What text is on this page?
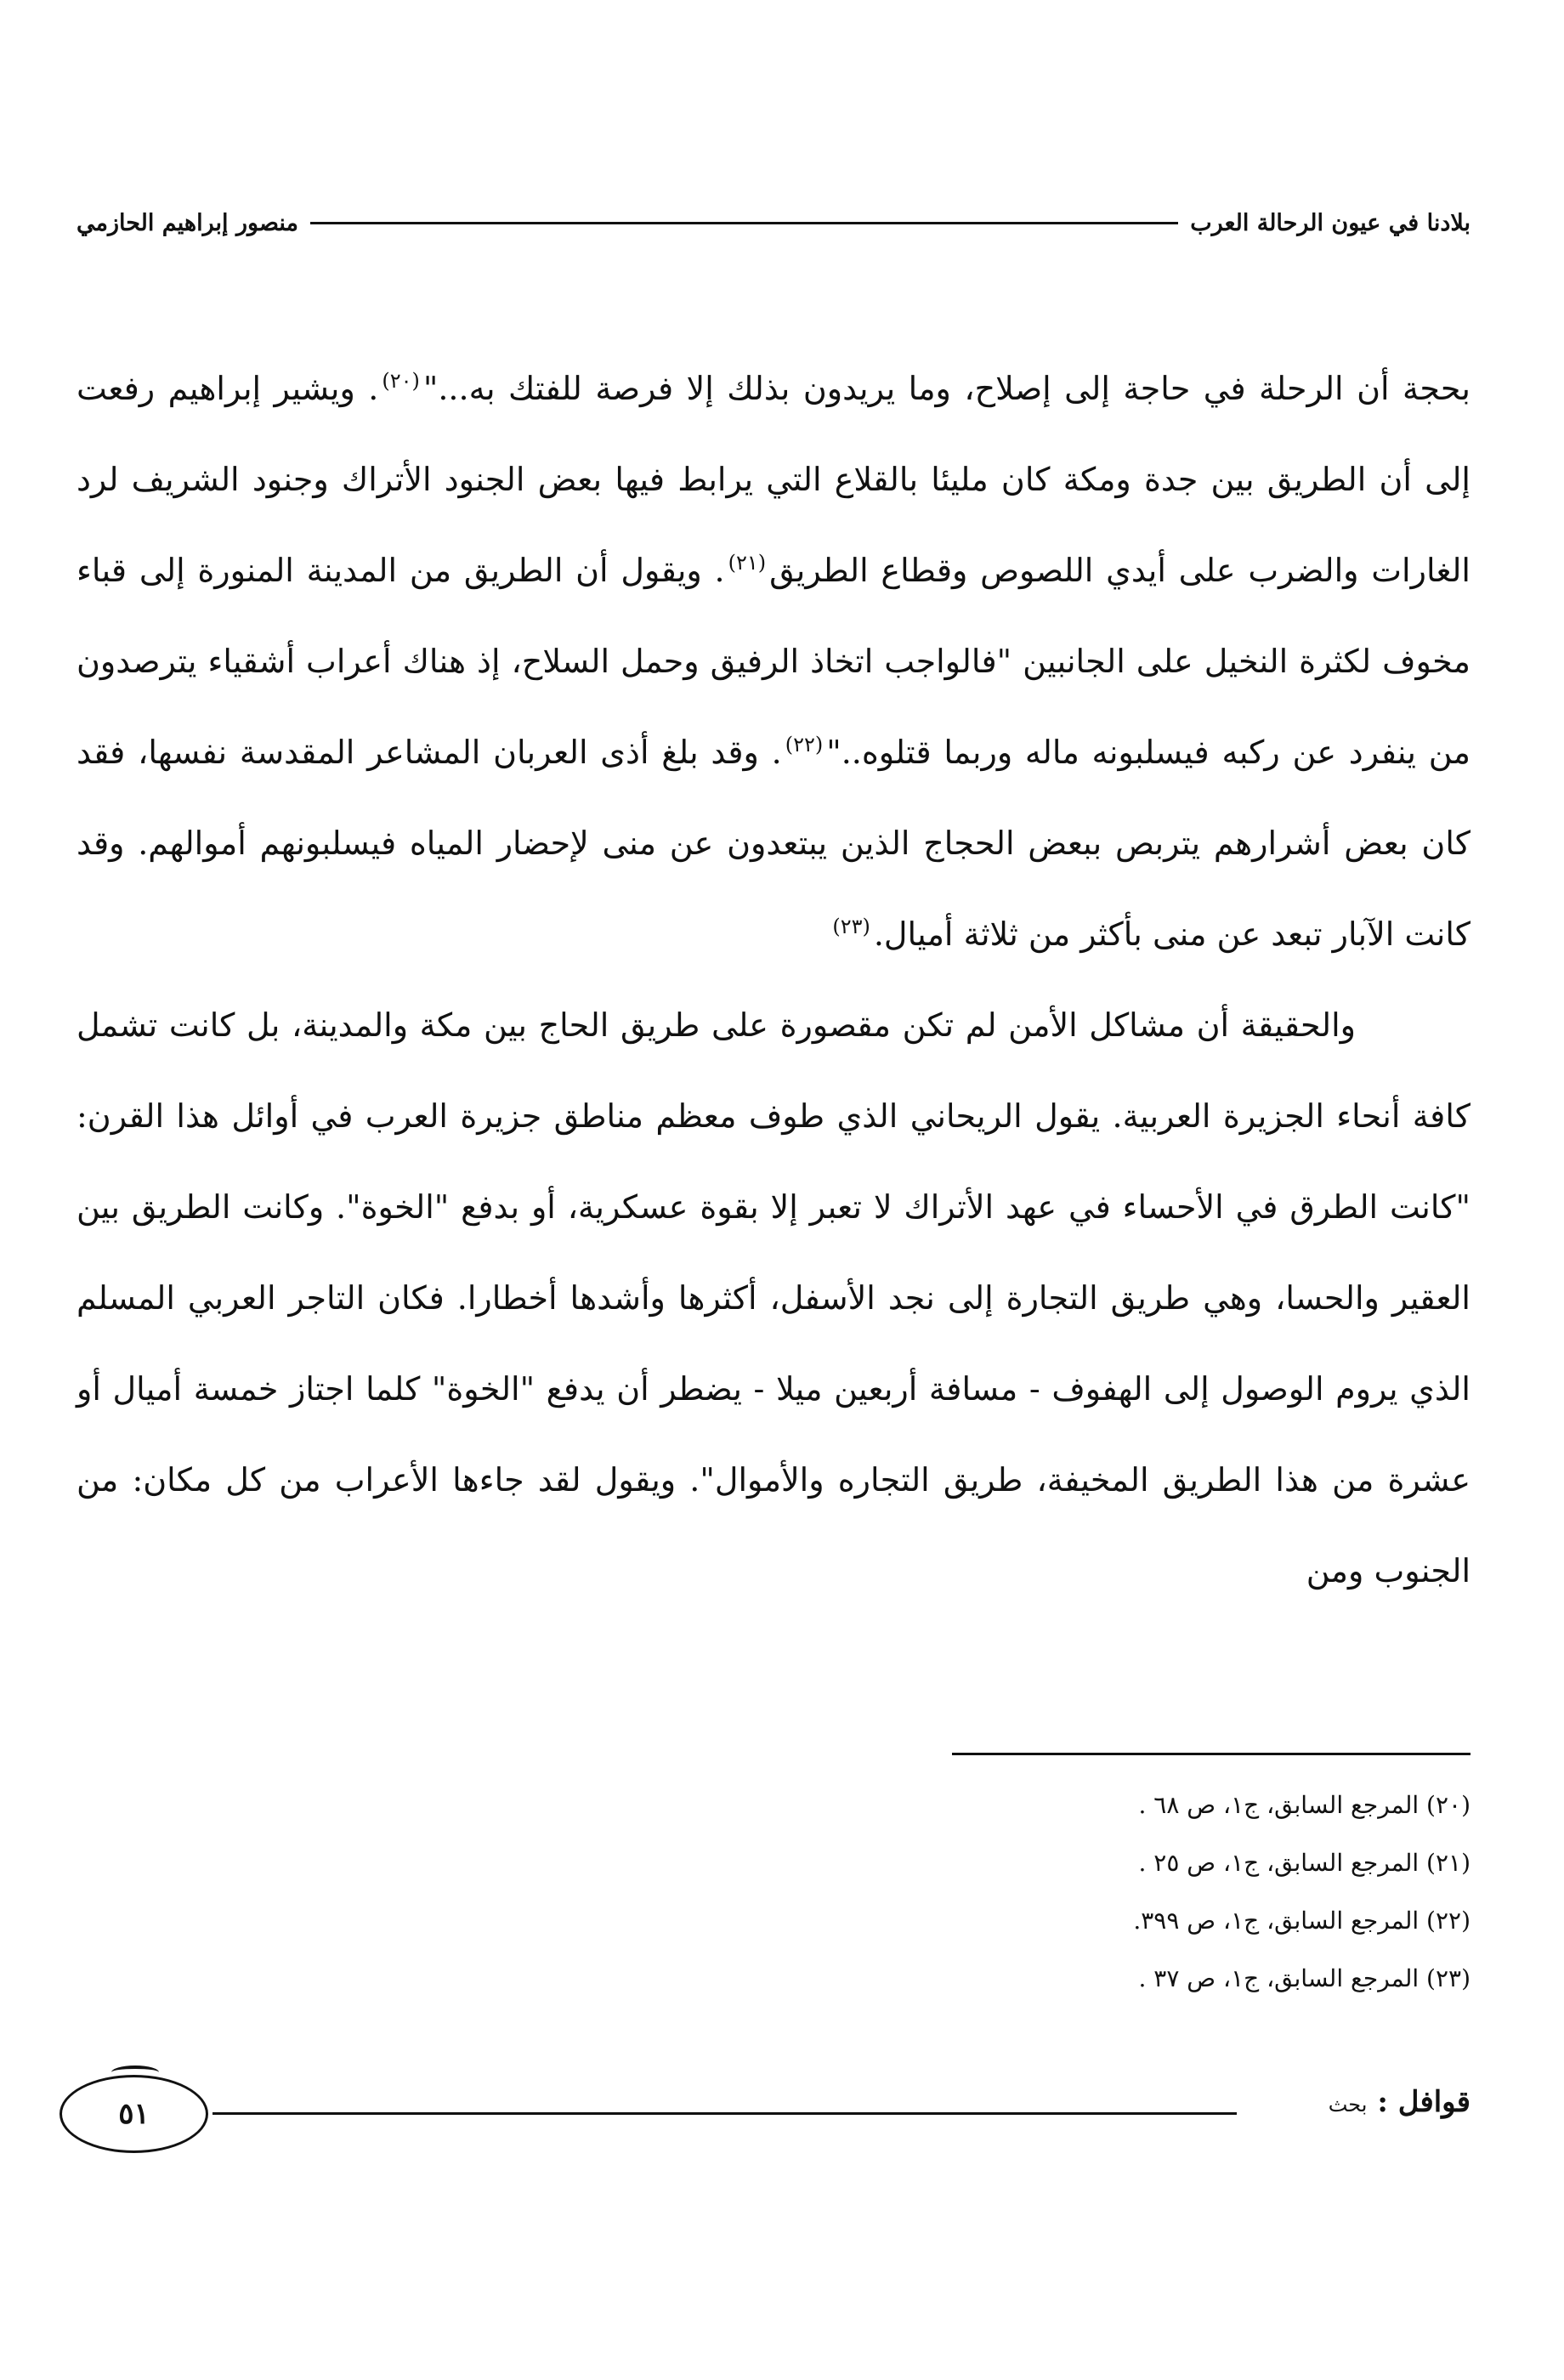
بلادنا في عيون الرحالة العرب
منصور إبراهيم الحازمي

بحجة أن الرحلة في حاجة إلى إصلاح، وما يريدون بذلك إلا فرصة للفتك به..."$^{(٢٠)}$. ويشير إبراهيم رفعت إلى أن الطريق بين جدة ومكة كان مليئا بالقلاع التي يرابط فيها بعض الجنود الأتراك وجنود الشريف لرد الغارات والضرب على أيدي اللصوص وقطاع الطريق$^{(٢١)}$. ويقول أن الطريق من المدينة المنورة إلى قباء مخوف لكثرة النخيل على الجانبين "فالواجب اتخاذ الرفيق وحمل السلاح، إذ هناك أعراب أشقياء يترصدون من ينفرد عن ركبه فيسلبونه ماله وربما قتلوه.."$^{(٢٢)}$. وقد بلغ أذى العربان المشاعر المقدسة نفسها، فقد كان بعض أشرارهم يتربص ببعض الحجاج الذين يبتعدون عن منى لإحضار المياه فيسلبونهم أموالهم. وقد كانت الآبار تبعد عن منى بأكثر من ثلاثة أميال.$^{(٢٣)}$

والحقيقة أن مشاكل الأمن لم تكن مقصورة على طريق الحاج بين مكة والمدينة، بل كانت تشمل كافة أنحاء الجزيرة العربية. يقول الريحاني الذي طوف معظم مناطق جزيرة العرب في أوائل هذا القرن: "كانت الطرق في الأحساء في عهد الأتراك لا تعبر إلا بقوة عسكرية، أو بدفع "الخوة". وكانت الطريق بين العقير والحسا، وهي طريق التجارة إلى نجد الأسفل، أكثرها وأشدها أخطارا. فكان التاجر العربي المسلم الذي يروم الوصول إلى الهفوف - مسافة أربعين ميلا - يضطر أن يدفع "الخوة" كلما اجتاز خمسة أميال أو عشرة من هذا الطريق المخيفة، طريق التجاره والأموال". ويقول لقد جاءها الأعراب من كل مكان: من الجنوب ومن

(٢٠) المرجع السابق، ج١، ص ٦٨ .
(٢١) المرجع السابق، ج١، ص ٢٥ .
(٢٢) المرجع السابق، ج١، ص ٣٩٩.
(٢٣) المرجع السابق، ج١، ص ٣٧ .
قوافل : بحث
٥١
